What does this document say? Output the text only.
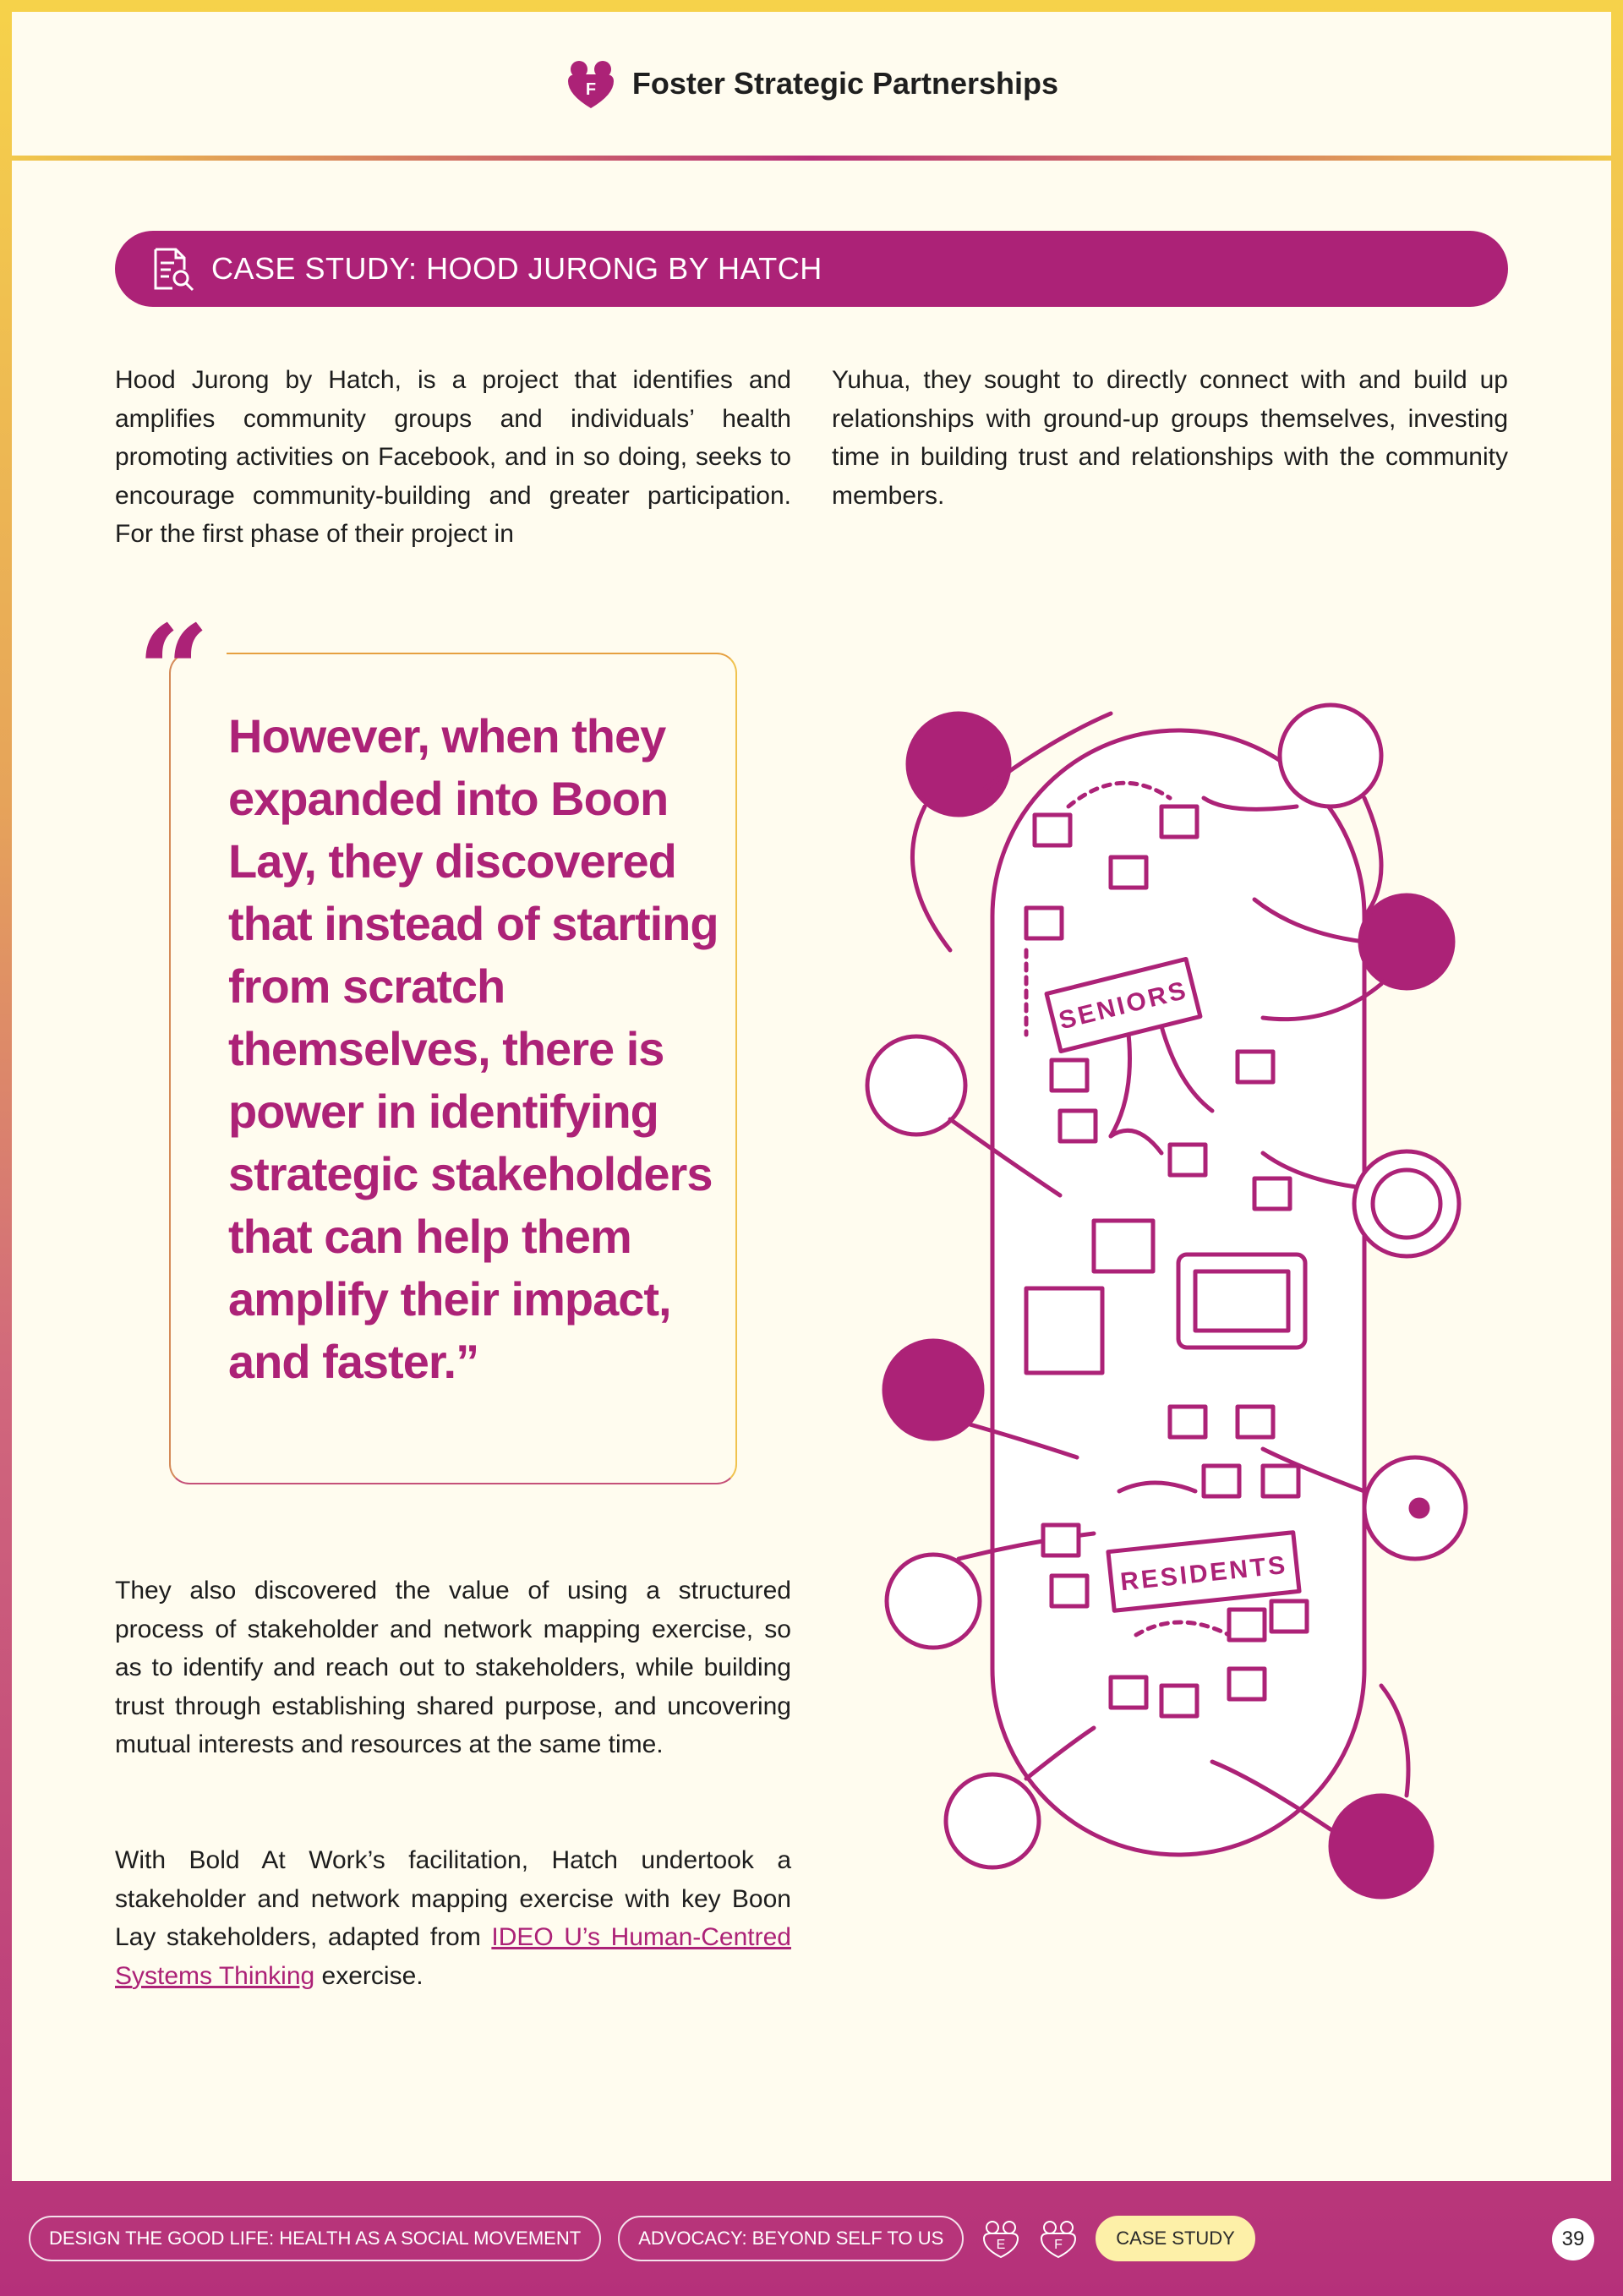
F Foster Strategic Partnerships
CASE STUDY: HOOD JURONG BY HATCH

Hood Jurong by Hatch, is a project that identifies and amplifies community groups and individuals’ health promoting activities on Facebook, and in so doing, seeks to encourage community-building and greater participation. For the first phase of their project in

Yuhua, they sought to directly connect with and build up relationships with ground-up groups themselves, investing time in building trust and relationships with the community members.

“ However, when they expanded into Boon Lay, they discovered that instead of starting from scratch themselves, there is power in identifying strategic stakeholders that can help them amplify their impact, and faster.”

They also discovered the value of using a structured process of stakeholder and network mapping exercise, so as to identify and reach out to stakeholders, while building trust through establishing shared purpose, and uncovering mutual interests and resources at the same time.

With Bold At Work’s facilitation, Hatch undertook a stakeholder and network mapping exercise with key Boon Lay stakeholders, adapted from IDEO U’s Human-Centred Systems Thinking exercise.

SENIORS
RESIDENTS
DESIGN THE GOOD LIFE: HEALTH AS A SOCIAL MOVEMENT	ADVOCACY: BEYOND SELF TO US	E	F	CASE STUDY	39
